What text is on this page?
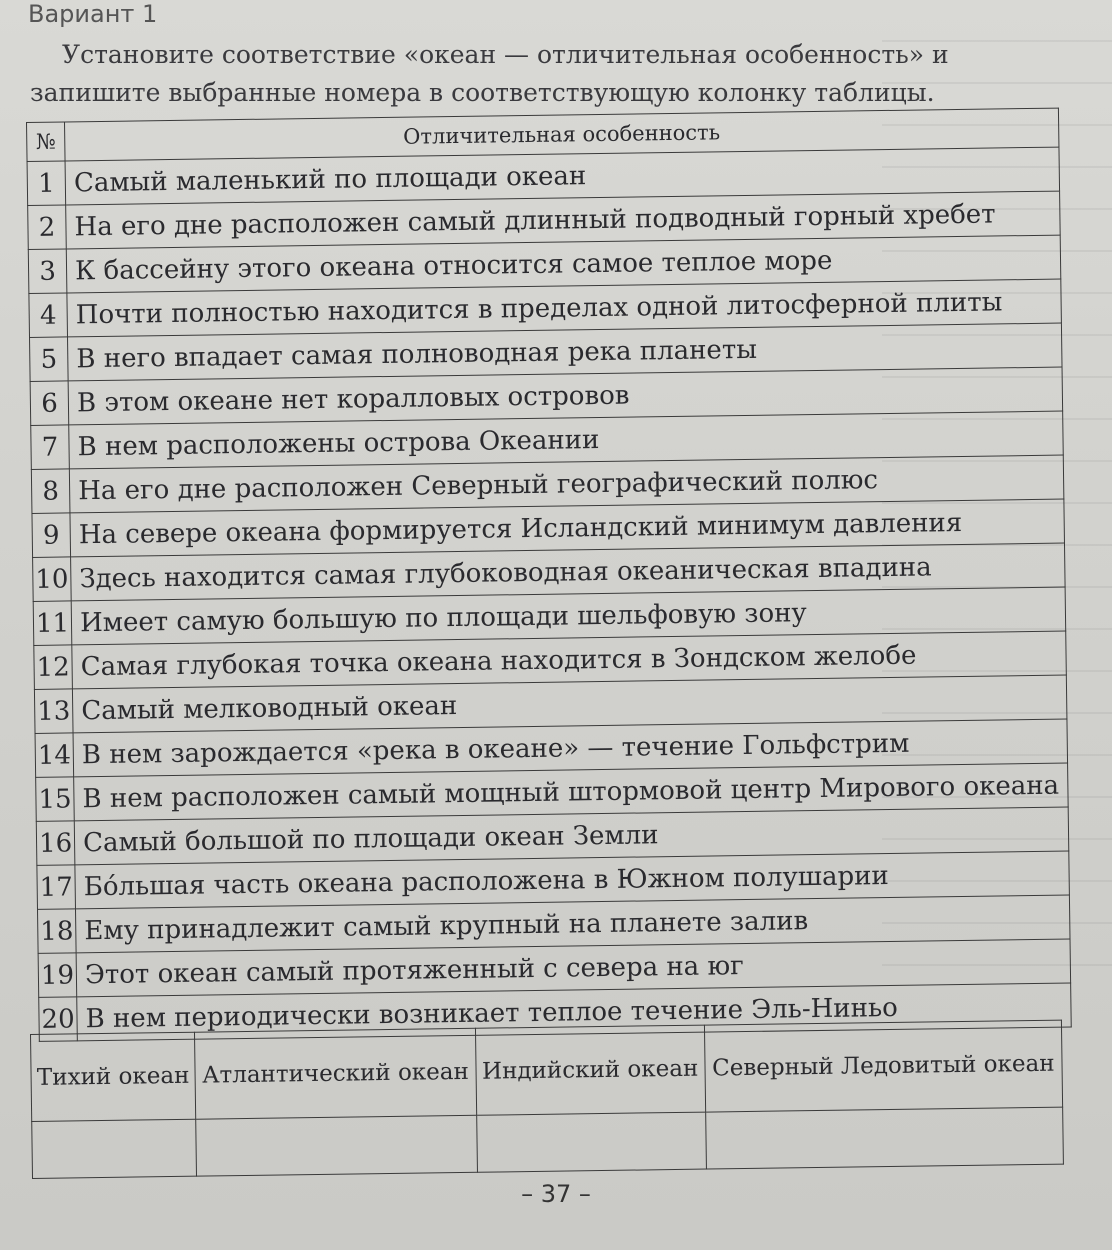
Вариант 1
Установите соответствие «океан — отличительная особенность» и запишите выбранные номера в соответствующую колонку таблицы.
№	Отличительная особенность
1	Самый маленький по площади океан
2	На его дне расположен самый длинный подводный горный хребет
3	К бассейну этого океана относится самое теплое море
4	Почти полностью находится в пределах одной литосферной плиты
5	В него впадает самая полноводная река планеты
6	В этом океане нет коралловых островов
7	В нем расположены острова Океании
8	На его дне расположен Северный географический полюс
9	На севере океана формируется Исландский минимум давления
10	Здесь находится самая глубоководная океаническая впадина
11	Имеет самую большую по площади шельфовую зону
12	Самая глубокая точка океана находится в Зондском желобе
13	Самый мелководный океан
14	В нем зарождается «река в океане» — течение Гольфстрим
15	В нем расположен самый мощный штормовой центр Мирового океана
16	Самый большой по площади океан Земли
17	Бо́льшая часть океана расположена в Южном полушарии
18	Ему принадлежит самый крупный на планете залив
19	Этот океан самый протяженный с севера на юг
20	В нем периодически возникает теплое течение Эль-Ниньо
Тихий океан	Атлантический океан	Индийский океан	Северный Ледовитый океан

– 37 –
